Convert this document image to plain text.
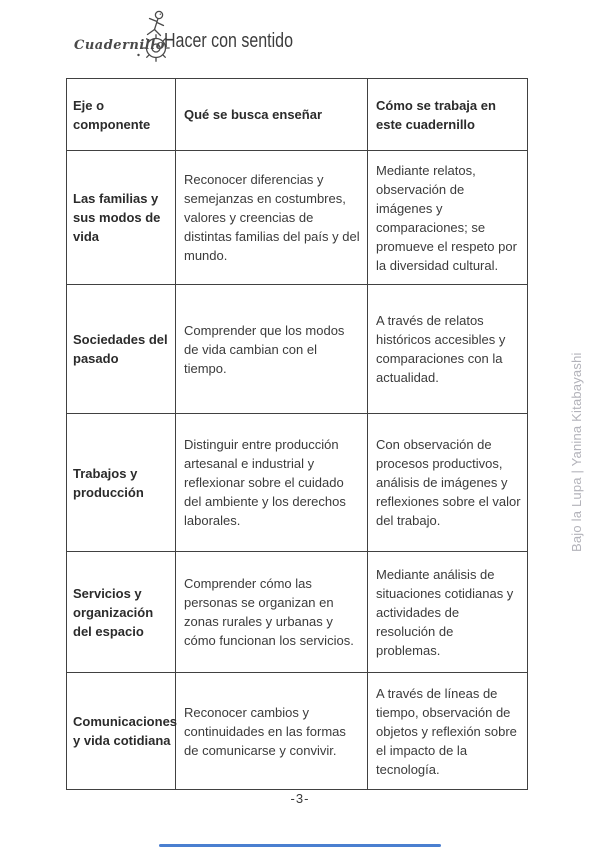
Cuadernillo Hacer con sentido
Eje o componente	Qué se busca enseñar	Cómo se trabaja en este cuadernillo
Las familias y sus modos de vida	Reconocer diferencias y semejanzas en costumbres, valores y creencias de distintas familias del país y del mundo.	Mediante relatos, observación de imágenes y comparaciones; se promueve el respeto por la diversidad cultural.
Sociedades del pasado	Comprender que los modos de vida cambian con el tiempo.	A través de relatos históricos accesibles y comparaciones con la actualidad.
Trabajos y producción	Distinguir entre producción artesanal e industrial y reflexionar sobre el cuidado del ambiente y los derechos laborales.	Con observación de procesos productivos, análisis de imágenes y reflexiones sobre el valor del trabajo.
Servicios y organización del espacio	Comprender cómo las personas se organizan en zonas rurales y urbanas y cómo funcionan los servicios.	Mediante análisis de situaciones cotidianas y actividades de resolución de problemas.
Comunicaciones y vida cotidiana	Reconocer cambios y continuidades en las formas de comunicarse y convivir.	A través de líneas de tiempo, observación de objetos y reflexión sobre el impacto de la tecnología.
Bajo la Lupa | Yanina Kitabayashi
-3-
